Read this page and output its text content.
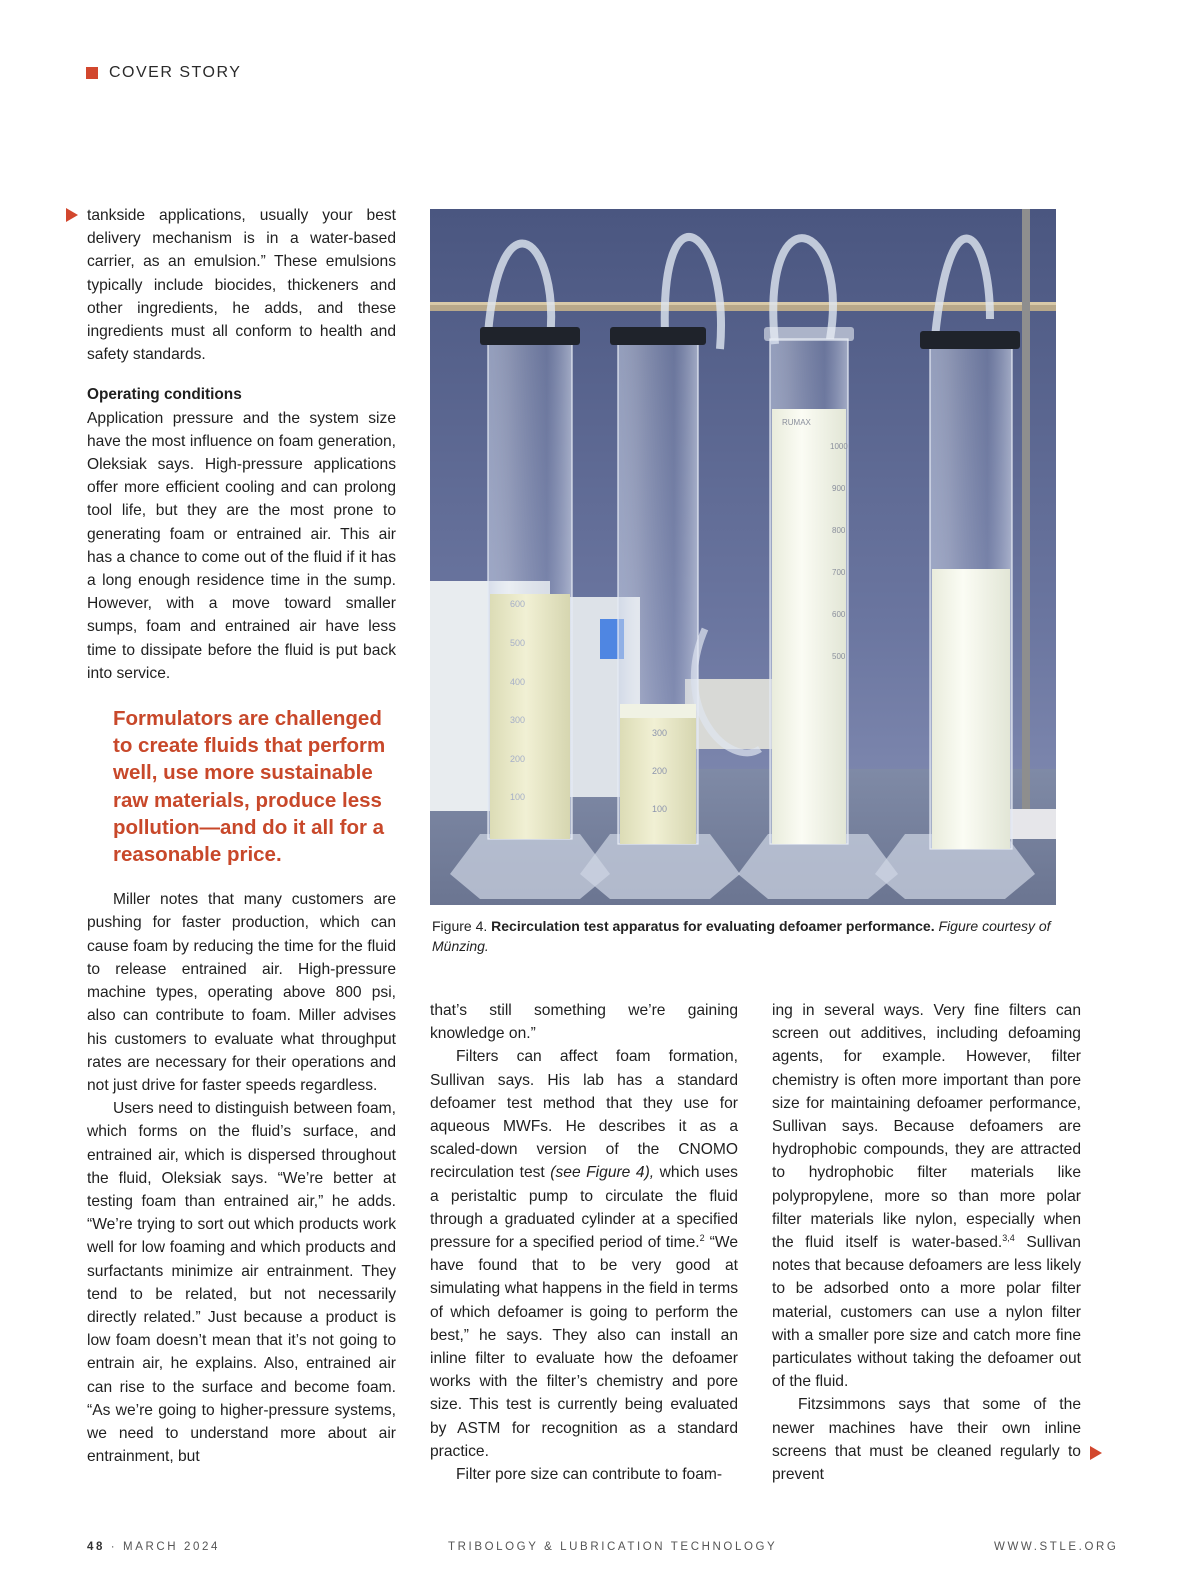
COVER STORY

tankside applications, usually your best delivery mechanism is in a water-based carrier, as an emulsion.” These emulsions typically include biocides, thickeners and other ingredients, he adds, and these ingredients must all conform to health and safety standards.

Operating conditions

Application pressure and the system size have the most influence on foam generation, Oleksiak says. High-pressure applications offer more efficient cooling and can prolong tool life, but they are the most prone to generating foam or entrained air. This air has a chance to come out of the fluid if it has a long enough residence time in the sump. However, with a move toward smaller sumps, foam and entrained air have less time to dissipate before the fluid is put back into service.

Formulators are challenged to create fluids that perform well, use more sustainable raw materials, produce less pollution—and do it all for a reasonable price.

Miller notes that many customers are pushing for faster production, which can cause foam by reducing the time for the fluid to release entrained air. High-pressure machine types, operating above 800 psi, also can contribute to foam. Miller advises his customers to evaluate what throughput rates are necessary for their operations and not just drive for faster speeds regardless.

Users need to distinguish between foam, which forms on the fluid’s surface, and entrained air, which is dispersed throughout the fluid, Oleksiak says. “We’re better at testing foam than entrained air,” he adds. “We’re trying to sort out which products work well for low foaming and which products and surfactants minimize air entrainment. They tend to be related, but not necessarily directly related.” Just because a product is low foam doesn’t mean that it’s not going to entrain air, he explains. Also, entrained air can rise to the surface and become foam. “As we’re going to higher-pressure systems, we need to understand more about air entrainment, but

600
500
400
300
200
100
300
200
100
RUMAX
1000
900
800
700
600
500
Figure 4. Recirculation test apparatus for evaluating defoamer performance. Figure courtesy of Münzing.

that’s still something we’re gaining knowledge on.”

Filters can affect foam formation, Sullivan says. His lab has a standard defoamer test method that they use for aqueous MWFs. He describes it as a scaled-down version of the CNOMO recirculation test (see Figure 4), which uses a peristaltic pump to circulate the fluid through a graduated cylinder at a specified pressure for a specified period of time.$^2$ “We have found that to be very good at simulating what happens in the field in terms of which defoamer is going to perform the best,” he says. They also can install an inline filter to evaluate how the defoamer works with the filter’s chemistry and pore size. This test is currently being evaluated by ASTM for recognition as a standard practice.

Filter pore size can contribute to foam-

ing in several ways. Very fine filters can screen out additives, including defoaming agents, for example. However, filter chemistry is often more important than pore size for maintaining defoamer performance, Sullivan says. Because defoamers are hydrophobic compounds, they are attracted to hydrophobic filter materials like polypropylene, more so than more polar filter materials like nylon, especially when the fluid itself is water-based.$^{3,4}$ Sullivan notes that because defoamers are less likely to be adsorbed onto a more polar filter material, customers can use a nylon filter with a smaller pore size and catch more fine particulates without taking the defoamer out of the fluid.

Fitzsimmons says that some of the newer machines have their own inline screens that must be cleaned regularly to prevent

48 · MARCH 2024	TRIBOLOGY & LUBRICATION TECHNOLOGY	WWW.STLE.ORG
